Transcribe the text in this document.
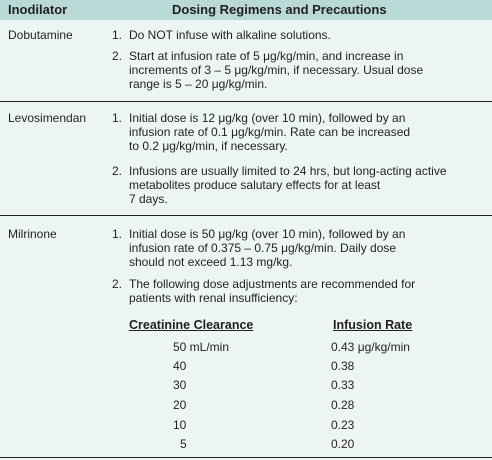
Inodilator	Dosing Regimens and Precautions
Dobutamine	1. Do NOT infuse with alkaline solutions.
2. Start at infusion rate of 5 μg/kg/min, and increase in
increments of 3 – 5 μg/kg/min, if necessary. Usual dose
range is 5 – 20 μg/kg/min.
Levosimendan 1. Initial dose is 12 μg/kg (over 10 min), followed by an
infusion rate of 0.1 μg/kg/min. Rate can be increased
to 0.2 μg/kg/min, if necessary.
2. Infusions are usually limited to 24 hrs, but long-acting active
metabolites produce salutary effects for at least
7 days.
Milrinone	1. Initial dose is 50 μg/kg (over 10 min), followed by an
infusion rate of 0.375 – 0.75 μg/kg/min. Daily dose
should not exceed 1.13 mg/kg.
2. The following dose adjustments are recommended for
patients with renal insufficiency:
Creatinine Clearance	Infusion Rate
50 mL/min	0.43 μg/kg/min
40	0.38
30	0.33
20	0.28
10	0.23
5	0.20
